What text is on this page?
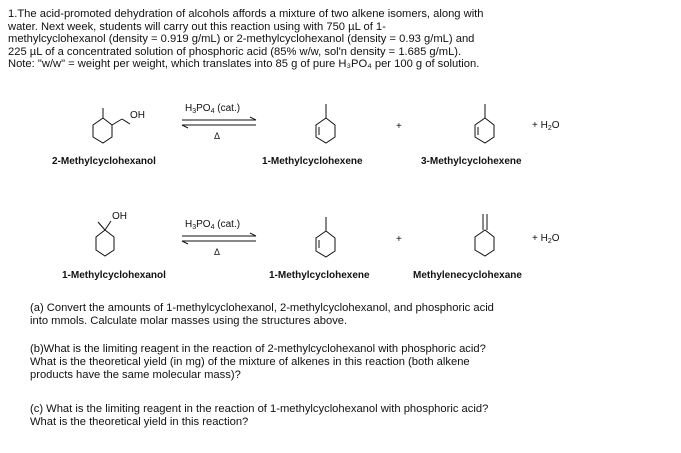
1.The acid-promoted dehydration of alcohols affords a mixture of two alkene isomers, along with
water. Next week, students will carry out this reaction using with 750 µL of 1-
methylcyclohexanol (density = 0.919 g/mL) or 2-methylcyclohexanol (density = 0.93 g/mL) and
225 µL of a concentrated solution of phosphoric acid (85% w/w, sol'n density = 1.685 g/mL).
Note: "w/w" = weight per weight, which translates into 85 g of pure H₃PO₄ per 100 g of solution.
OH
$H_3PO_4$ (cat.)
Δ
+	+ $H_2O$
2-Methylcyclohexanol	1-Methylcyclohexene	3-Methylcyclohexene
OH
$H_3PO_4$ (cat.)
Δ
+	+ $H_2O$
1-Methylcyclohexanol	1-Methylcyclohexene	Methylenecyclohexane
(a) Convert the amounts of 1-methylcyclohexanol, 2-methylcyclohexanol, and phosphoric acid
into mmols. Calculate molar masses using the structures above.
(b)What is the limiting reagent in the reaction of 2-methylcyclohexanol with phosphoric acid?
What is the theoretical yield (in mg) of the mixture of alkenes in this reaction (both alkene
products have the same molecular mass)?
(c) What is the limiting reagent in the reaction of 1-methylcyclohexanol with phosphoric acid?
What is the theoretical yield in this reaction?
